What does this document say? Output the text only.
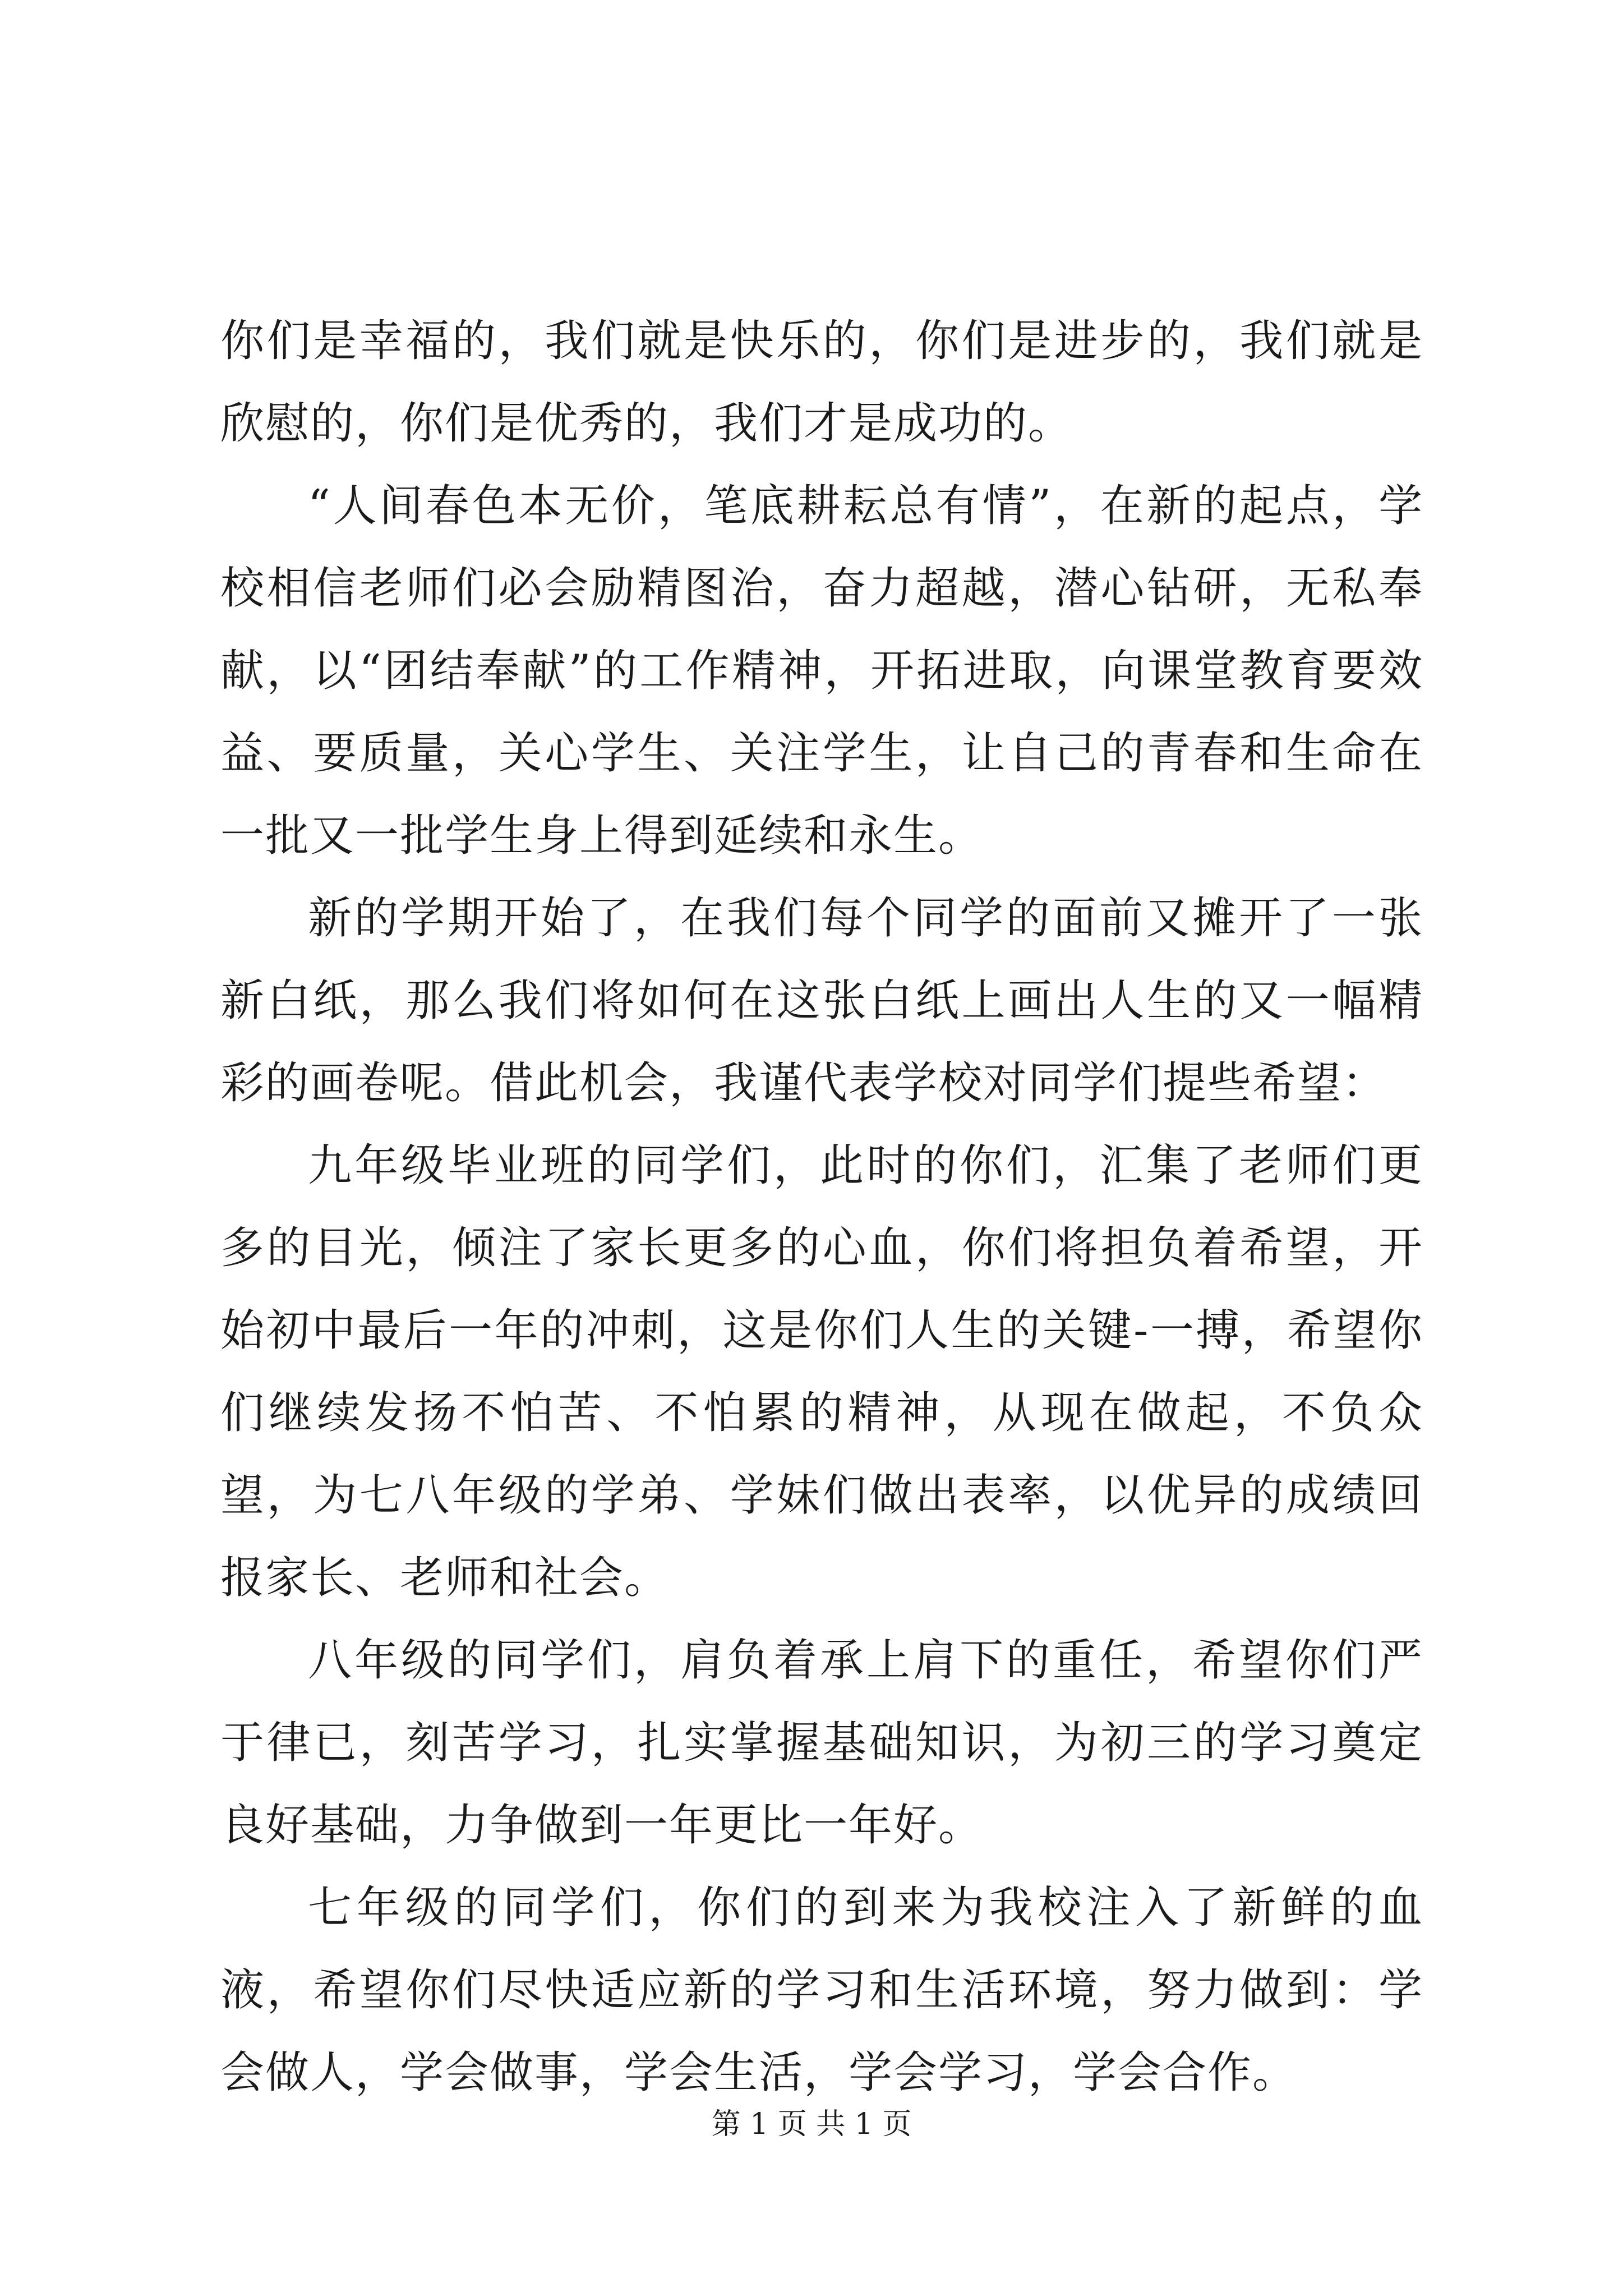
你们是幸福的，我们就是快乐的，你们是进步的，我们就是欣慰的，你们是优秀的，我们才是成功的。

“人间春色本无价，笔底耕耘总有情”，在新的起点，学校相信老师们必会励精图治，奋力超越，潜心钻研，无私奉献，以“团结奉献”的工作精神，开拓进取，向课堂教育要效益、要质量，关心学生、关注学生，让自己的青春和生命在一批又一批学生身上得到延续和永生。

新的学期开始了，在我们每个同学的面前又摊开了一张新白纸，那么我们将如何在这张白纸上画出人生的又一幅精彩的画卷呢。借此机会，我谨代表学校对同学们提些希望：

九年级毕业班的同学们，此时的你们，汇集了老师们更多的目光，倾注了家长更多的心血，你们将担负着希望，开始初中最后一年的冲刺，这是你们人生的关键-一搏，希望你们继续发扬不怕苦、不怕累的精神，从现在做起，不负众望，为七八年级的学弟、学妹们做出表率，以优异的成绩回报家长、老师和社会。

八年级的同学们，肩负着承上肩下的重任，希望你们严于律已，刻苦学习，扎实掌握基础知识，为初三的学习奠定良好基础，力争做到一年更比一年好。

七年级的同学们，你们的到来为我校注入了新鲜的血液，希望你们尽快适应新的学习和生活环境，努力做到：学会做人，学会做事，学会生活，学会学习，学会合作。

第 1 页 共 1 页
